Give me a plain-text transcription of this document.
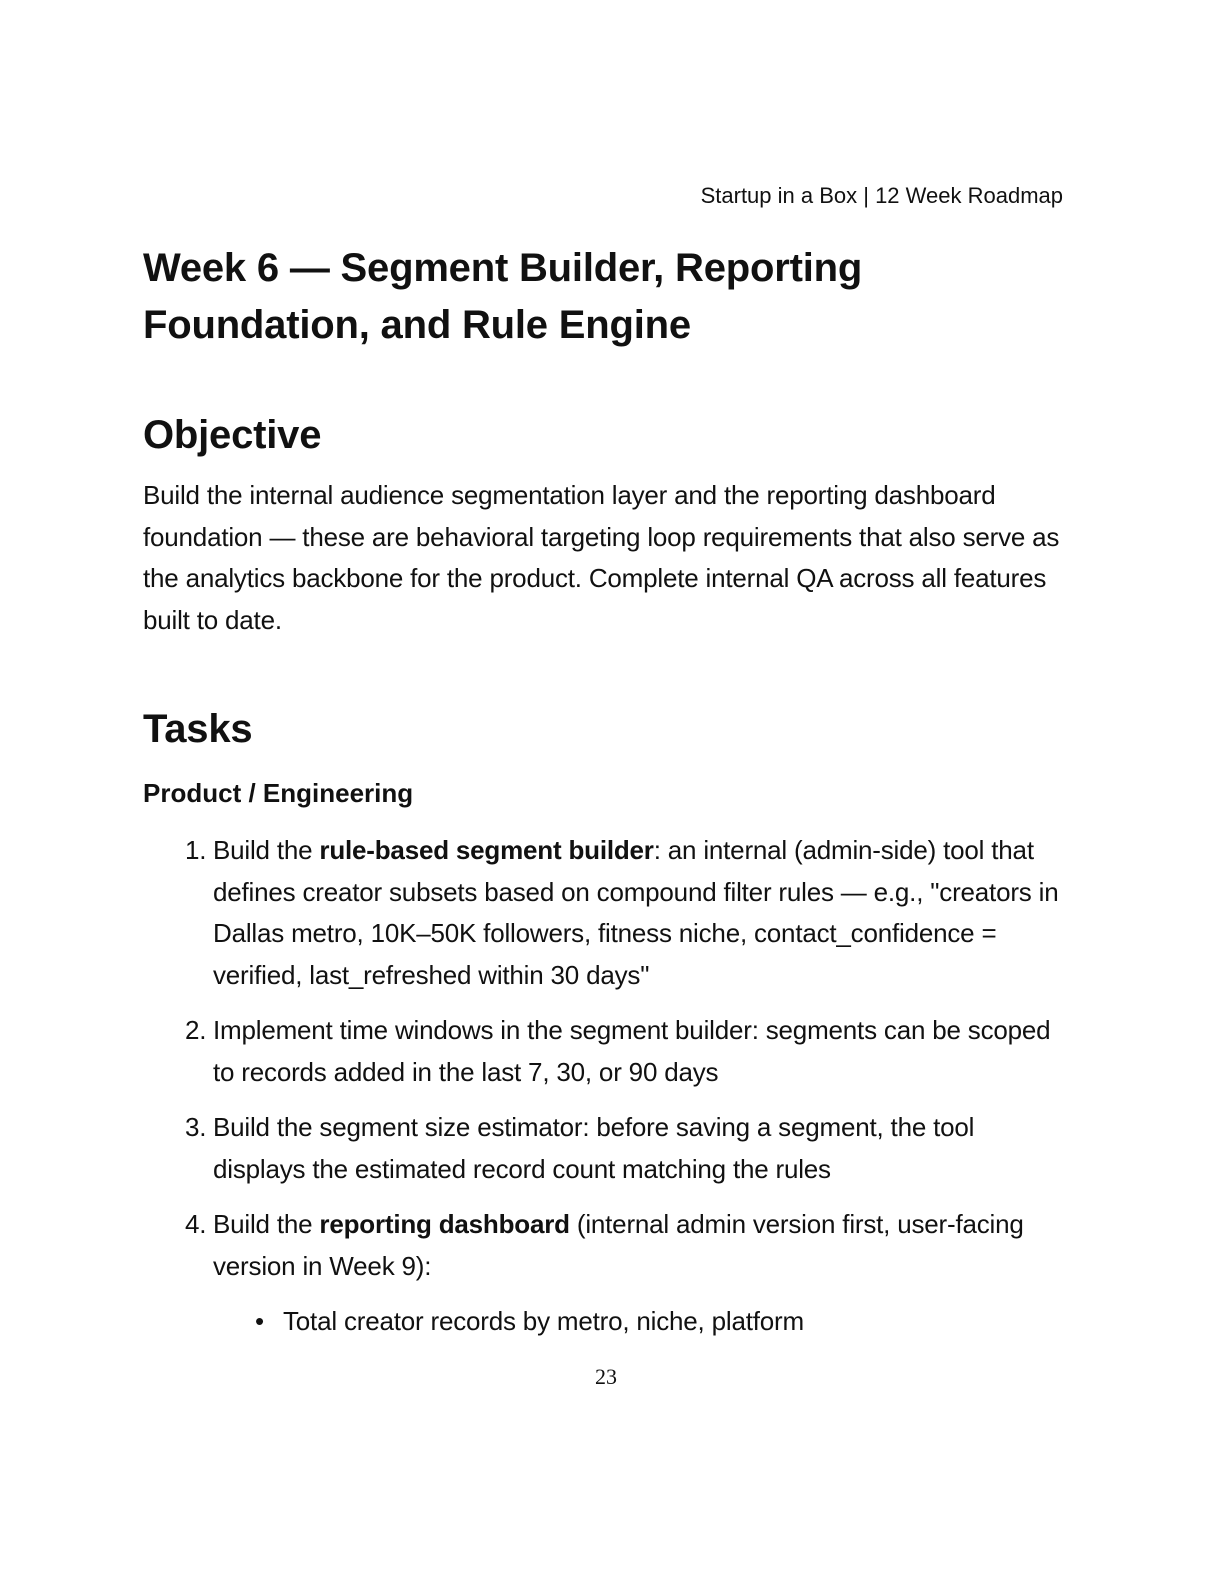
Startup in a Box | 12 Week Roadmap
Week 6 — Segment Builder, Reporting
Foundation, and Rule Engine
Objective

Build the internal audience segmentation layer and the reporting dashboard foundation — these are behavioral targeting loop requirements that also serve as the analytics backbone for the product. Complete internal QA across all features built to date.

Tasks
Product / Engineering
1. Build the rule-based segment builder: an internal (admin-side) tool that defines creator subsets based on compound filter rules — e.g., "creators in Dallas metro, 10K–50K followers, fitness niche, contact_confidence = verified, last_refreshed within 30 days"
2. Implement time windows in the segment builder: segments can be scoped to records added in the last 7, 30, or 90 days
3. Build the segment size estimator: before saving a segment, the tool displays the estimated record count matching the rules
4. Build the reporting dashboard (internal admin version first, user-facing version in Week 9):
• Total creator records by metro, niche, platform
23
